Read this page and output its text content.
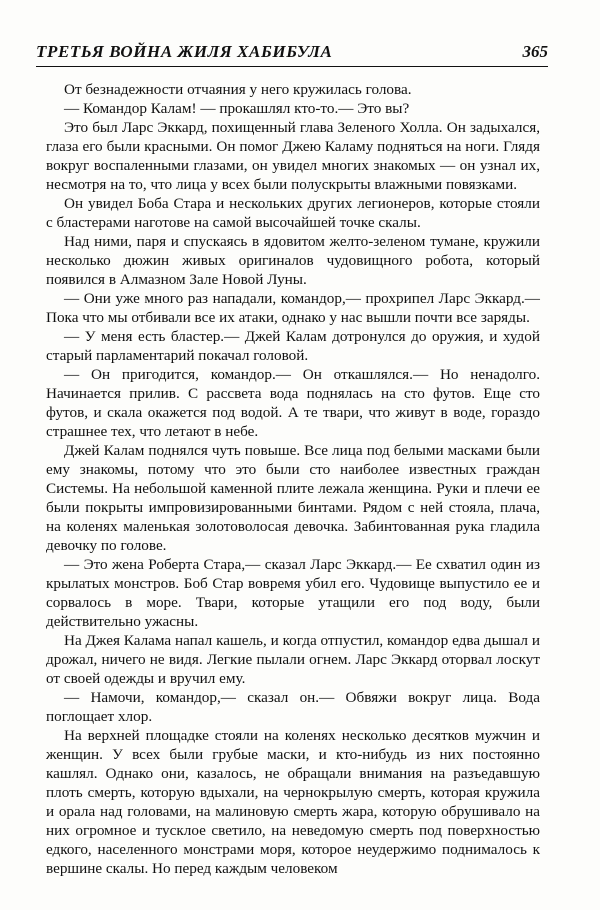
ТРЕТЬЯ ВОЙНА ЖИЛЯ ХАБИБУЛА	365

От безнадежности отчаяния у него кружилась голова.

— Командор Калам! — прокашлял кто-то.— Это вы?

Это был Ларс Эккард, похищенный глава Зеленого Холла. Он задыхался, глаза его были красными. Он помог Джею Каламу подняться на ноги. Глядя вокруг воспаленными глазами, он увидел многих знакомых — он узнал их, несмотря на то, что лица у всех были полускрыты влажными повязками.

Он увидел Боба Стара и нескольких других легионеров, которые стояли с бластерами наготове на самой высочайшей точке скалы.

Над ними, паря и спускаясь в ядовитом желто-зеленом тумане, кружили несколько дюжин живых оригиналов чудовищного робота, который появился в Алмазном Зале Новой Луны.

— Они уже много раз нападали, командор,— прохрипел Ларс Эккард.— Пока что мы отбивали все их атаки, однако у нас вышли почти все заряды.

— У меня есть бластер.— Джей Калам дотронулся до оружия, и худой старый парламентарий покачал головой.

— Он пригодится, командор.— Он откашлялся.— Но ненадолго. Начинается прилив. С рассвета вода поднялась на сто футов. Еще сто футов, и скала окажется под водой. А те твари, что живут в воде, гораздо страшнее тех, что летают в небе.

Джей Калам поднялся чуть повыше. Все лица под белыми масками были ему знакомы, потому что это были сто наиболее известных граждан Системы. На небольшой каменной плите лежала женщина. Руки и плечи ее были покрыты импровизированными бинтами. Рядом с ней стояла, плача, на коленях маленькая золотоволосая девочка. Забинтованная рука гладила девочку по голове.

— Это жена Роберта Стара,— сказал Ларс Эккард.— Ее схватил один из крылатых монстров. Боб Стар вовремя убил его. Чудовище выпустило ее и сорвалось в море. Твари, которые утащили его под воду, были действительно ужасны.

На Джея Калама напал кашель, и когда отпустил, командор едва дышал и дрожал, ничего не видя. Легкие пылали огнем. Ларс Эккард оторвал лоскут от своей одежды и вручил ему.

— Намочи, командор,— сказал он.— Обвяжи вокруг лица. Вода поглощает хлор.

На верхней площадке стояли на коленях несколько десятков мужчин и женщин. У всех были грубые маски, и кто-нибудь из них постоянно кашлял. Однако они, казалось, не обращали внимания на разъедавшую плоть смерть, которую вдыхали, на чернокрылую смерть, которая кружила и орала над головами, на малиновую смерть жара, которую обрушивало на них огромное и тусклое светило, на неведомую смерть под поверхностью едкого, населенного монстрами моря, которое неудержимо поднималось к вершине скалы. Но перед каждым человеком
